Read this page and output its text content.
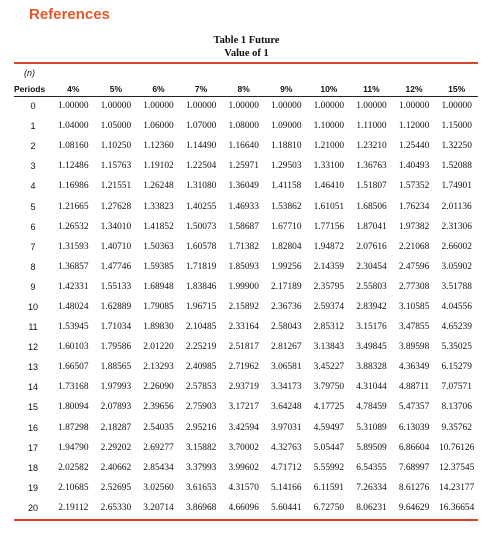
References
Table 1 Future
Value of 1
(n)
Periods	4%	5%	6%	7%	8%	9%	10%	11%	12%	15%
0	1.00000	1.00000	1.00000	1.00000	1.00000	1.00000	1.00000	1.00000	1.00000	1.00000
1	1.04000	1.05000	1.06000	1.07000	1.08000	1.09000	1.10000	1.11000	1.12000	1.15000
2	1.08160	1.10250	1.12360	1.14490	1.16640	1.18810	1.21000	1.23210	1.25440	1.32250
3	1.12486	1.15763	1.19102	1.22504	1.25971	1.29503	1.33100	1.36763	1.40493	1.52088
4	1.16986	1.21551	1.26248	1.31080	1.36049	1.41158	1.46410	1.51807	1.57352	1.74901
5	1.21665	1.27628	1.33823	1.40255	1.46933	1.53862	1.61051	1.68506	1.76234	2.01136
6	1.26532	1.34010	1.41852	1.50073	1.58687	1.67710	1.77156	1.87041	1.97382	2.31306
7	1.31593	1.40710	1.50363	1.60578	1.71382	1.82804	1.94872	2.07616	2.21068	2.66002
8	1.36857	1.47746	1.59385	1.71819	1.85093	1.99256	2.14359	2.30454	2.47596	3.05902
9	1.42331	1.55133	1.68948	1.83846	1.99900	2.17189	2.35795	2.55803	2.77308	3.51788
10	1.48024	1.62889	1.79085	1.96715	2.15892	2.36736	2.59374	2.83942	3.10585	4.04556
11	1.53945	1.71034	1.89830	2.10485	2.33164	2.58043	2.85312	3.15176	3.47855	4.65239
12	1.60103	1.79586	2.01220	2.25219	2.51817	2.81267	3.13843	3.49845	3.89598	5.35025
13	1.66507	1.88565	2.13293	2.40985	2.71962	3.06581	3.45227	3.88328	4.36349	6.15279
14	1.73168	1.97993	2.26090	2.57853	2.93719	3.34173	3.79750	4.31044	4.88711	7.07571
15	1.80094	2.07893	2.39656	2.75903	3.17217	3.64248	4.17725	4.78459	5.47357	8.13706
16	1.87298	2.18287	2.54035	2.95216	3.42594	3.97031	4.59497	5.31089	6.13039	9.35762
17	1.94790	2.29202	2.69277	3.15882	3.70002	4.32763	5.05447	5.89509	6.86604	10.76126
18	2.02582	2.40662	2.85434	3.37993	3.99602	4.71712	5.55992	6.54355	7.68997	12.37545
19	2.10685	2.52695	3.02560	3.61653	4.31570	5.14166	6.11591	7.26334	8.61276	14.23177
20	2.19112	2.65330	3.20714	3.86968	4.66096	5.60441	6.72750	8.06231	9.64629	16.36654
